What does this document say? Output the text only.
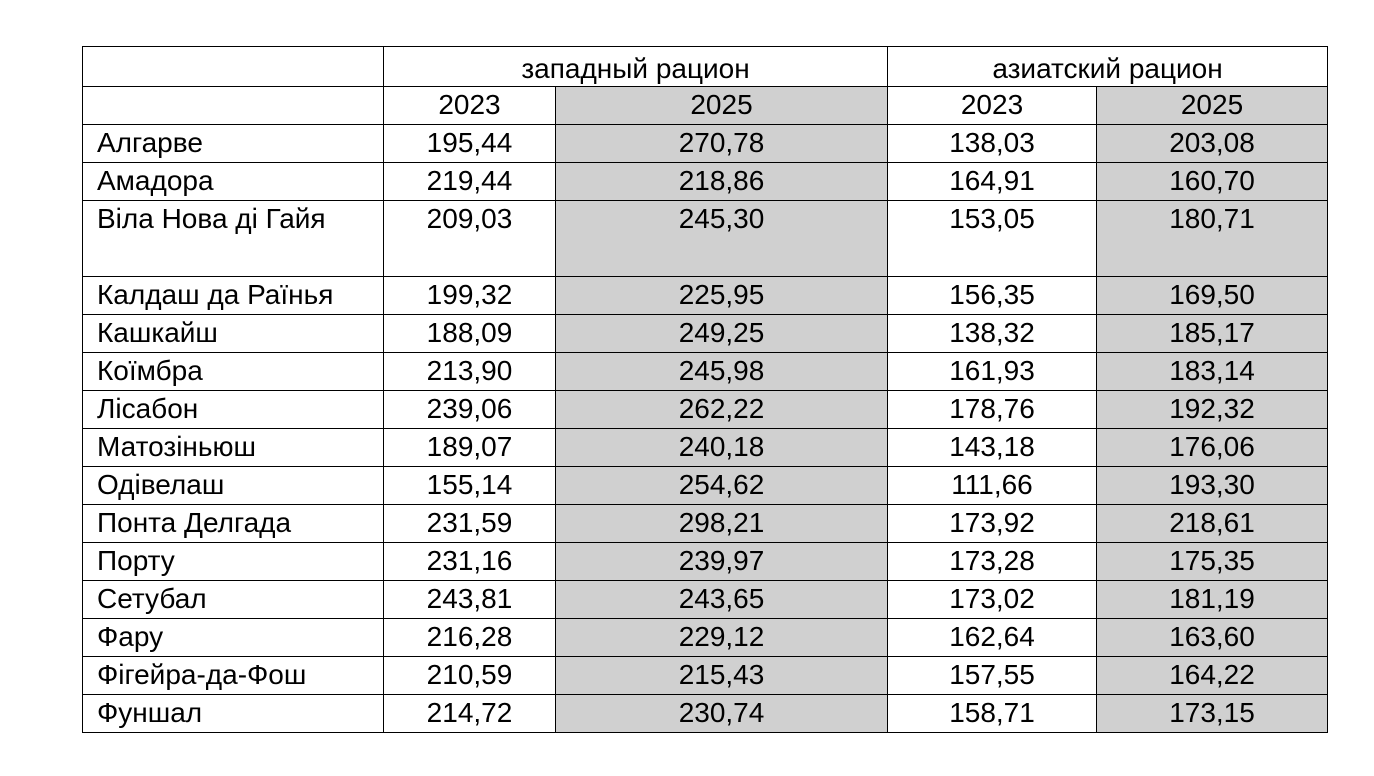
	западный рацион		азиатский рацион	
	2023	2025	2023	2025
Алгарве	195,44	270,78	138,03	203,08
Амадора	219,44	218,86	164,91	160,70
Віла Нова ді Гайя	209,03	245,30	153,05	180,71
Калдаш да Раїнья	199,32	225,95	156,35	169,50
Кашкайш	188,09	249,25	138,32	185,17
Коїмбра	213,90	245,98	161,93	183,14
Лісабон	239,06	262,22	178,76	192,32
Матозіньюш	189,07	240,18	143,18	176,06
Одівелаш	155,14	254,62	111,66	193,30
Понта Делгада	231,59	298,21	173,92	218,61
Порту	231,16	239,97	173,28	175,35
Сетубал	243,81	243,65	173,02	181,19
Фару	216,28	229,12	162,64	163,60
Фігейра-да-Фош	210,59	215,43	157,55	164,22
Фуншал	214,72	230,74	158,71	173,15
